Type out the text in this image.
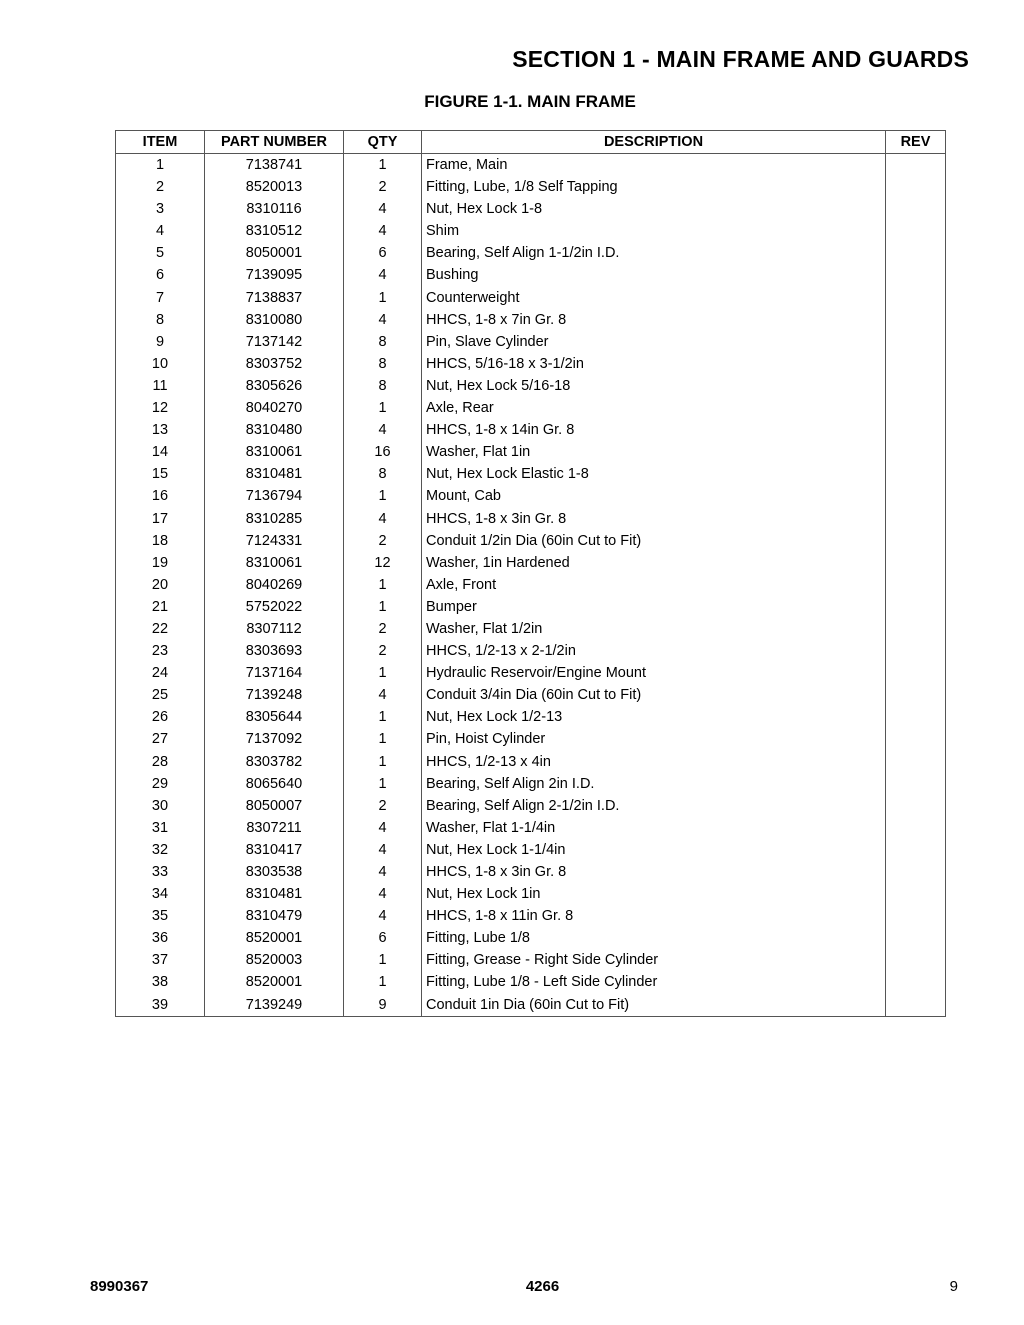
SECTION 1 - MAIN FRAME AND GUARDS
FIGURE 1-1. MAIN FRAME
ITEM	PART NUMBER	QTY	DESCRIPTION	REV
1	7138741	1	Frame, Main	
2	8520013	2	Fitting, Lube, 1/8 Self Tapping	
3	8310116	4	Nut, Hex Lock 1-8	
4	8310512	4	Shim	
5	8050001	6	Bearing, Self Align 1-1/2in I.D.	
6	7139095	4	Bushing	
7	7138837	1	Counterweight	
8	8310080	4	HHCS, 1-8 x 7in Gr. 8	
9	7137142	8	Pin, Slave Cylinder	
10	8303752	8	HHCS, 5/16-18 x 3-1/2in	
11	8305626	8	Nut, Hex Lock 5/16-18	
12	8040270	1	Axle, Rear	
13	8310480	4	HHCS, 1-8 x 14in Gr. 8	
14	8310061	16	Washer, Flat 1in	
15	8310481	8	Nut, Hex Lock Elastic 1-8	
16	7136794	1	Mount, Cab	
17	8310285	4	HHCS, 1-8 x 3in Gr. 8	
18	7124331	2	Conduit 1/2in Dia (60in Cut to Fit)	
19	8310061	12	Washer, 1in Hardened	
20	8040269	1	Axle, Front	
21	5752022	1	Bumper	
22	8307112	2	Washer, Flat 1/2in	
23	8303693	2	HHCS, 1/2-13 x 2-1/2in	
24	7137164	1	Hydraulic Reservoir/Engine Mount	
25	7139248	4	Conduit 3/4in Dia (60in Cut to Fit)	
26	8305644	1	Nut, Hex Lock 1/2-13	
27	7137092	1	Pin, Hoist Cylinder	
28	8303782	1	HHCS, 1/2-13 x 4in	
29	8065640	1	Bearing, Self Align 2in I.D.	
30	8050007	2	Bearing, Self Align 2-1/2in I.D.	
31	8307211	4	Washer, Flat 1-1/4in	
32	8310417	4	Nut, Hex Lock 1-1/4in	
33	8303538	4	HHCS, 1-8 x 3in Gr. 8	
34	8310481	4	Nut, Hex Lock 1in	
35	8310479	4	HHCS, 1-8 x 11in Gr. 8	
36	8520001	6	Fitting, Lube 1/8	
37	8520003	1	Fitting, Grease - Right Side Cylinder	
38	8520001	1	Fitting, Lube 1/8 - Left Side Cylinder	
39	7139249	9	Conduit 1in Dia (60in Cut to Fit)	

8990367	4266	9
